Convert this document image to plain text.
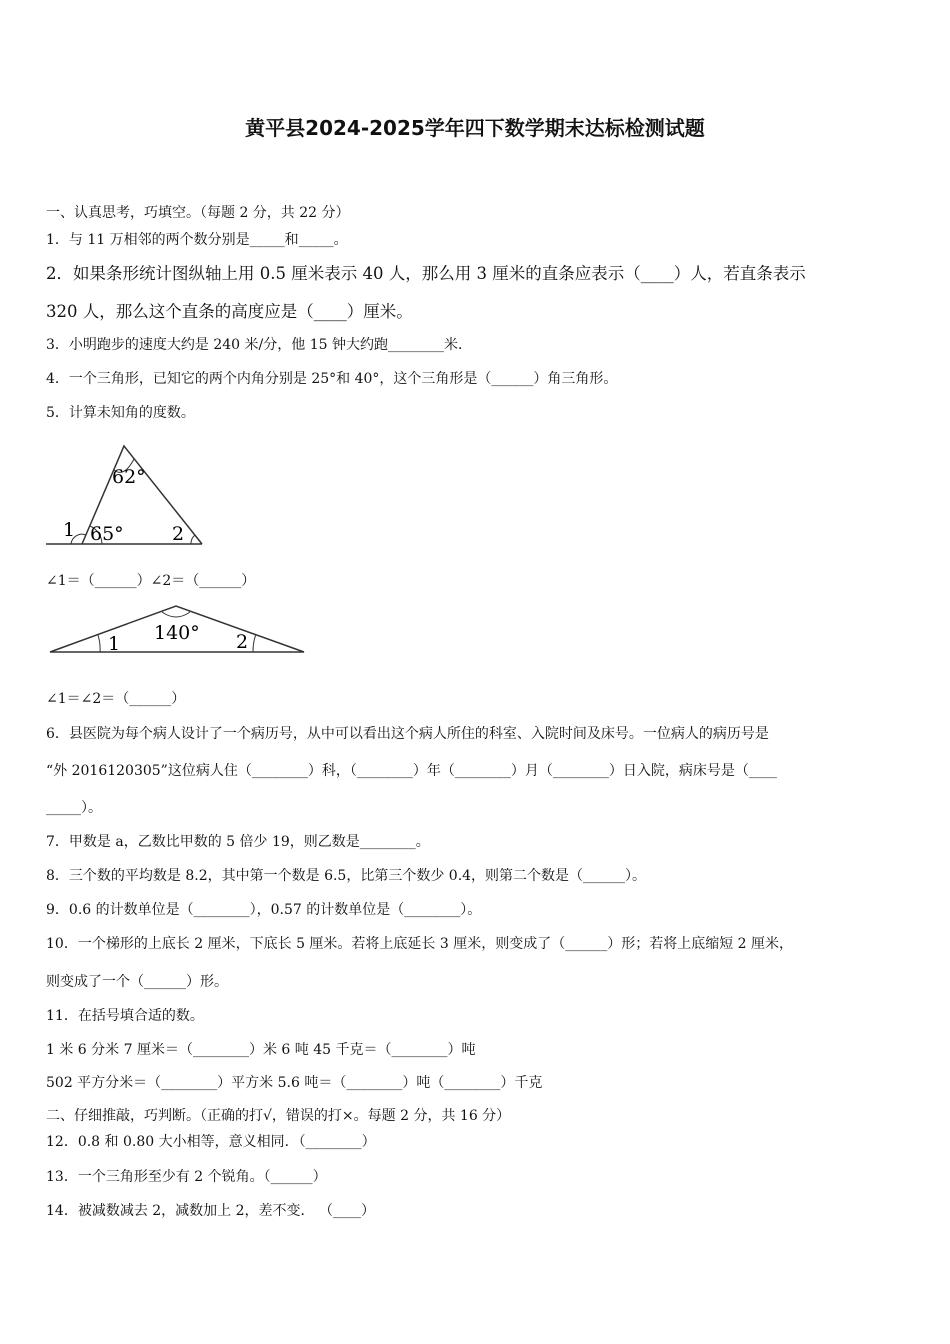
黄平县2024-2025学年四下数学期末达标检测试题
一、认真思考，巧填空。（每题 2 分，共 22 分）
1．与 11 万相邻的两个数分别是_____和_____。
2．如果条形统计图纵轴上用 0.5 厘米表示 40 人，那么用 3 厘米的直条应表示（____）人，若直条表示
320 人，那么这个直条的高度应是（____）厘米。
3．小明跑步的速度大约是 240 米/分，他 15 钟大约跑________米．
4．一个三角形，已知它的两个内角分别是 25°和 40°，这个三角形是（______）角三角形。
5．计算未知角的度数。
62°
65°
1	2
∠1＝（______）∠2＝（______）
140°
1	2
∠1＝∠2＝（______）
6．县医院为每个病人设计了一个病历号，从中可以看出这个病人所住的科室、入院时间及床号。一位病人的病历号是
“外 2016120305”这位病人住（________）科，（________）年（________）月（________）日入院，病床号是（____
_____）。
7．甲数是 a，乙数比甲数的 5 倍少 19，则乙数是________。
8．三个数的平均数是 8.2，其中第一个数是 6.5，比第三个数少 0.4，则第二个数是（______）。
9．0.6 的计数单位是（________），0.57 的计数单位是（________）。
10．一个梯形的上底长 2 厘米，下底长 5 厘米。若将上底延长 3 厘米，则变成了（______）形；若将上底缩短 2 厘米，
则变成了一个（______）形。
11．在括号填合适的数。
1 米 6 分米 7 厘米＝（________）米 6 吨 45 千克＝（________）吨
502 平方分米＝（________）平方米 5.6 吨＝（________）吨（________）千克
二、仔细推敲，巧判断。（正确的打√，错误的打×。每题 2 分，共 16 分）
12．0.8 和 0.80 大小相等，意义相同．（________）
13．一个三角形至少有 2 个锐角。（______）
14．被减数减去 2，减数加上 2，差不变． （____）
